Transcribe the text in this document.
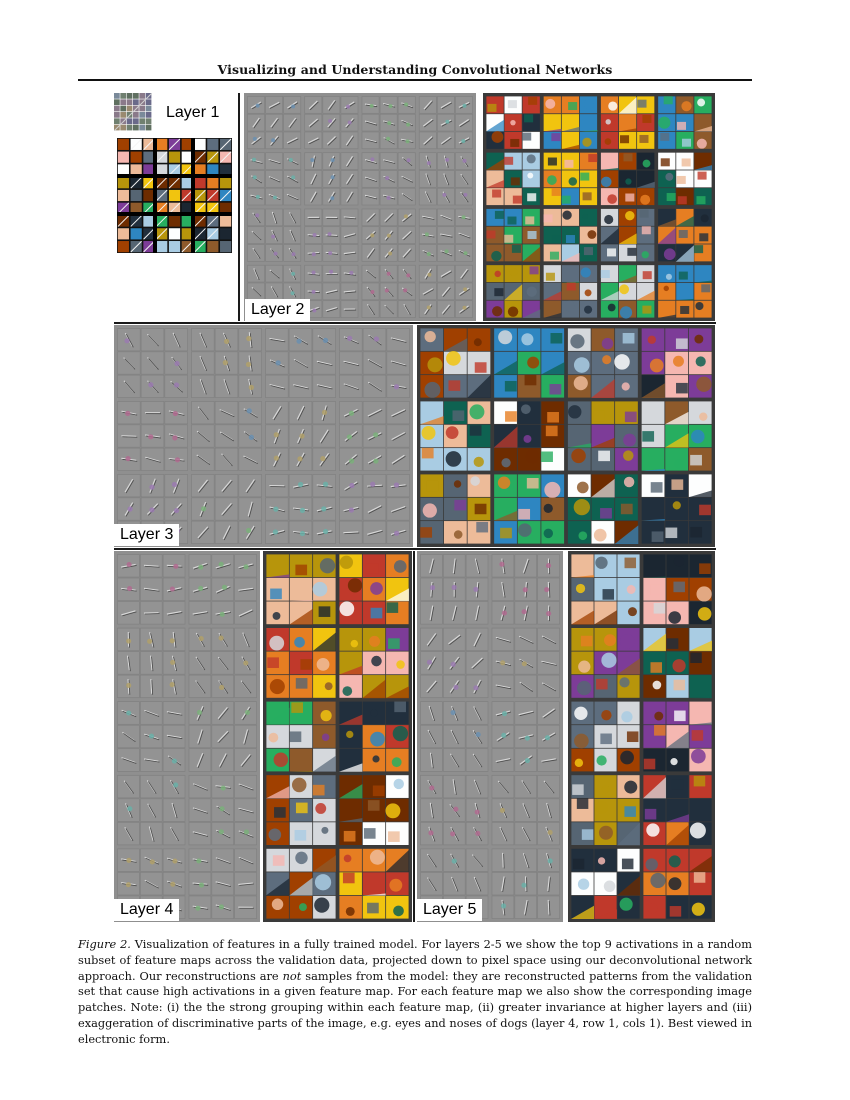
Visualizing and Understanding Convolutional Networks
Layer 1
Layer 2
Layer 3
Layer 4	Layer 5
Figure 2. Visualization of features in a fully trained model. For layers 2-5 we show the top 9 activations in a random subset of feature maps across the validation data, projected down to pixel space using our deconvolutional network approach. Our reconstructions are not samples from the model: they are reconstructed patterns from the validation set that cause high activations in a given feature map. For each feature map we also show the corresponding image patches. Note: (i) the the strong grouping within each feature map, (ii) greater invariance at higher layers and (iii) exaggeration of discriminative parts of the image, e.g. eyes and noses of dogs (layer 4, row 1, cols 1). Best viewed in electronic form.
